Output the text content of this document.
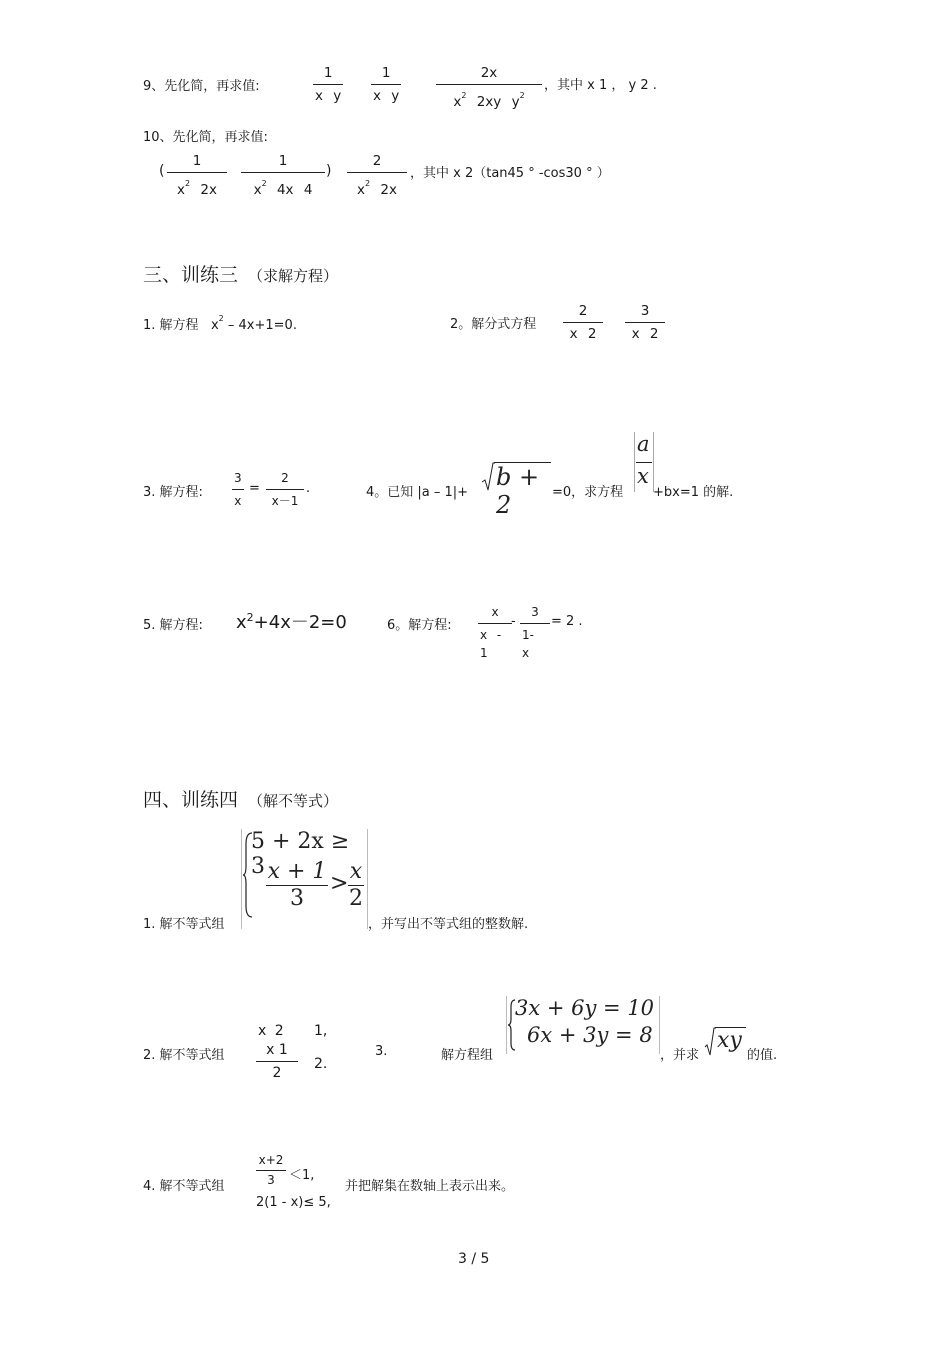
9、先化简，再求值:
1
x y
1
x y
2x
$x^2$ 2xy $y^2$
，其中 x 1 ， y 2 .
10、先化简，再求值:
(
1
$x^2$ 2x
1
$x^2$ 4x 4
)
2
$x^2$ 2x
，其中 x 2（tan45 ° -cos30 ° ）
三、训练三 （求解方程）
1. 解方程 $x^2 - 4x+1=0$.	2。解分式方程
2
x 2
3
x 2
3. 解方程:
3
x
=
2
x－1
.	4。已知 |a – 1|+
b + 2	=0，求方程
a
x
+bx=1 的解.
5. 解方程: $x^2+4x-2=0$	6。解方程:
x
x - 1
-
3
1- x
= 2 .
四、训练四 （解不等式）
1. 解不等式组
5 + 2x ≥ 3 x + 1
3
> x
2
，并写出不等式组的整数解.
2. 解不等式组
x 2 1,
x 1
2
2.
3.	解方程组
3x + 6y = 10
6x + 3y = 8
，并求
xy
的值.
4. 解不等式组
x+2
3 ＜1,
2(1 - x)≤ 5,
并把解集在数轴上表示出来。
3 / 5
